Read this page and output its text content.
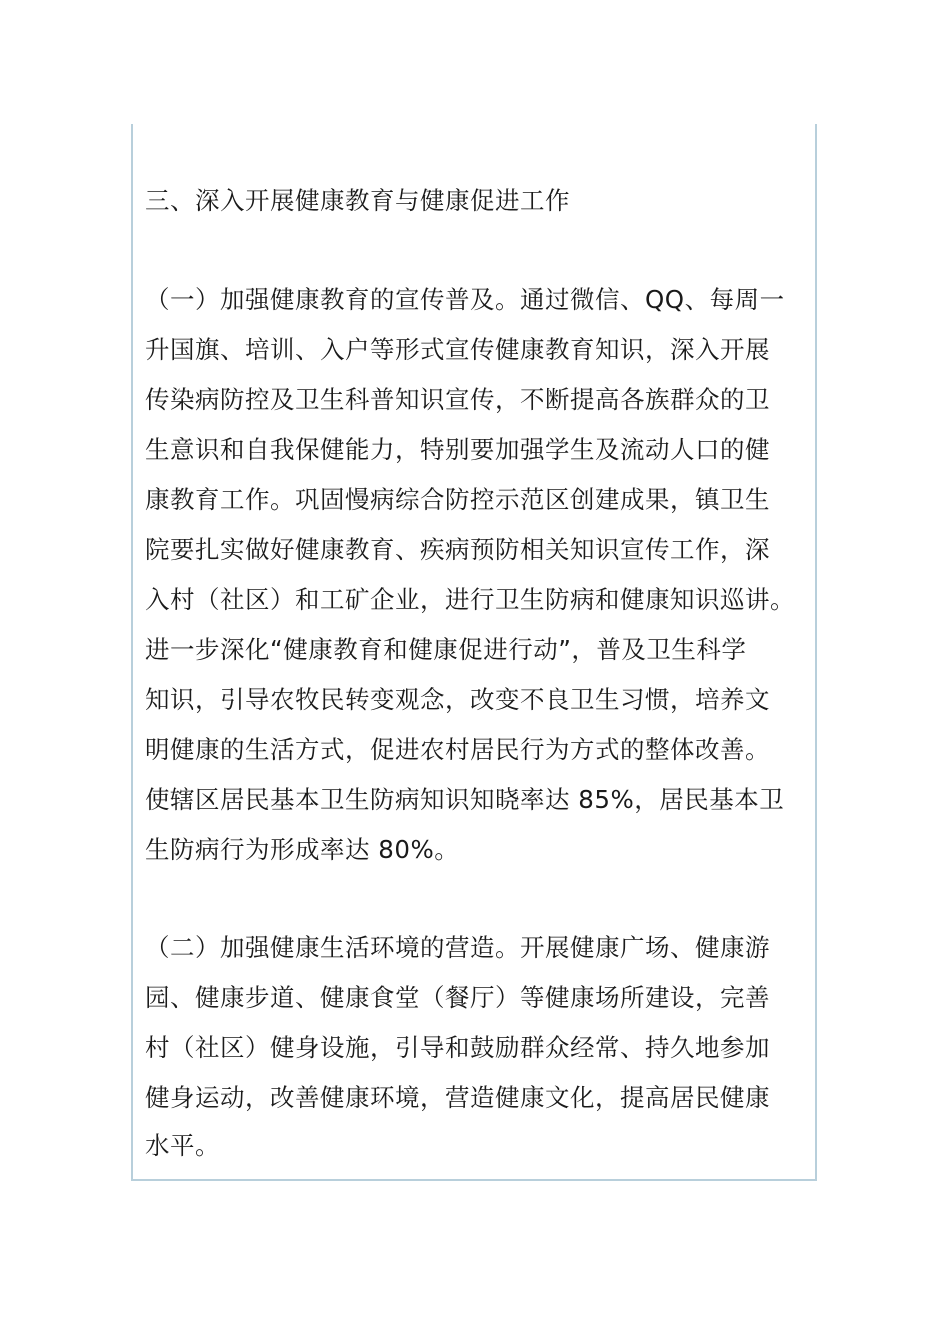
三、深入开展健康教育与健康促进工作
（一）加强健康教育的宣传普及。通过微信、QQ、每周一
升国旗、培训、入户等形式宣传健康教育知识，深入开展
传染病防控及卫生科普知识宣传，不断提高各族群众的卫
生意识和自我保健能力，特别要加强学生及流动人口的健
康教育工作。巩固慢病综合防控示范区创建成果，镇卫生
院要扎实做好健康教育、疾病预防相关知识宣传工作，深
入村（社区）和工矿企业，进行卫生防病和健康知识巡讲。
进一步深化“健康教育和健康促进行动”，普及卫生科学
知识，引导农牧民转变观念，改变不良卫生习惯，培养文
明健康的生活方式，促进农村居民行为方式的整体改善。
使辖区居民基本卫生防病知识知晓率达 85%，居民基本卫
生防病行为形成率达 80%。
（二）加强健康生活环境的营造。开展健康广场、健康游
园、健康步道、健康食堂（餐厅）等健康场所建设，完善
村（社区）健身设施，引导和鼓励群众经常、持久地参加
健身运动，改善健康环境，营造健康文化，提高居民健康
水平。
